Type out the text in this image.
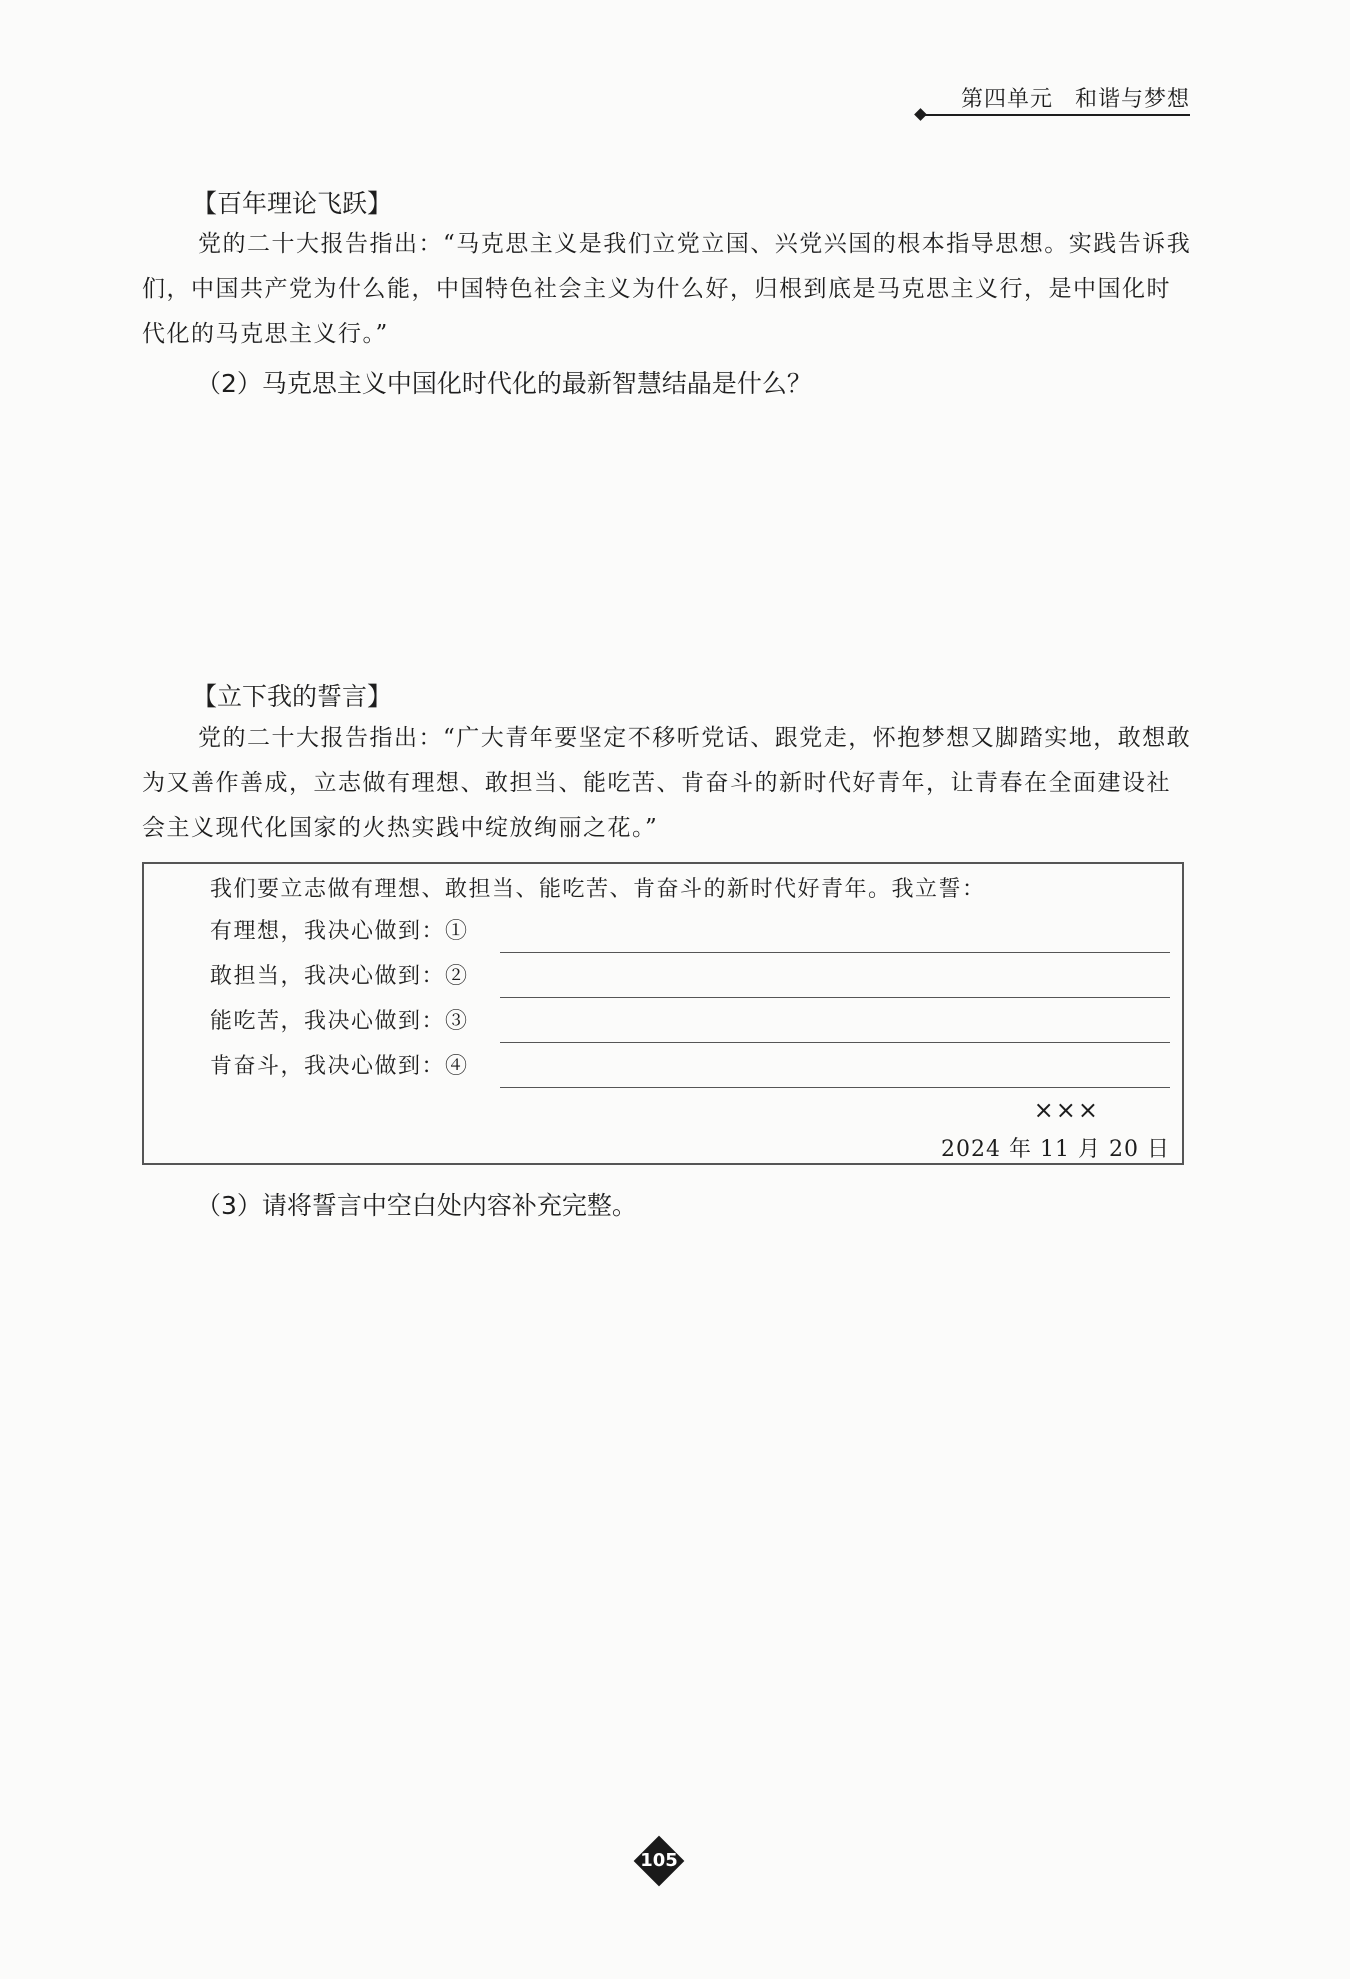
第四单元 和谐与梦想
【百年理论飞跃】

党的二十大报告指出：“马克思主义是我们立党立国、兴党兴国的根本指导思想。实践告诉我们，中国共产党为什么能，中国特色社会主义为什么好，归根到底是马克思主义行，是中国化时代化的马克思主义行。”

（2）马克思主义中国化时代化的最新智慧结晶是什么？
【立下我的誓言】

党的二十大报告指出：“广大青年要坚定不移听党话、跟党走，怀抱梦想又脚踏实地，敢想敢为又善作善成，立志做有理想、敢担当、能吃苦、肯奋斗的新时代好青年，让青春在全面建设社会主义现代化国家的火热实践中绽放绚丽之花。”

我们要立志做有理想、敢担当、能吃苦、肯奋斗的新时代好青年。我立誓：
有理想，我决心做到：①
敢担当，我决心做到：②
能吃苦，我决心做到：③
肯奋斗，我决心做到：④
×××
2024 年 11 月 20 日
（3）请将誓言中空白处内容补充完整。
105
